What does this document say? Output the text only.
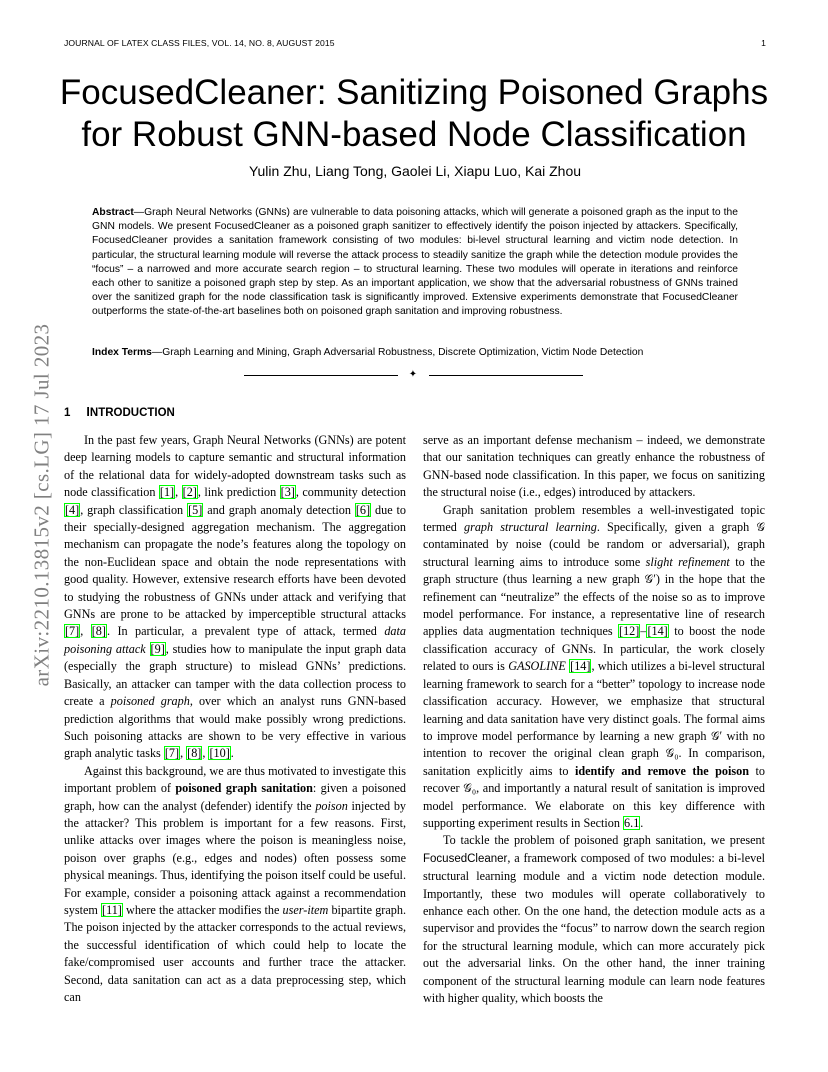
JOURNAL OF LATEX CLASS FILES, VOL. 14, NO. 8, AUGUST 2015	1
arXiv:2210.13815v2 [cs.LG] 17 Jul 2023
FocusedCleaner: Sanitizing Poisoned Graphs for Robust GNN-based Node Classification
Yulin Zhu, Liang Tong, Gaolei Li, Xiapu Luo, Kai Zhou
Abstract—Graph Neural Networks (GNNs) are vulnerable to data poisoning attacks, which will generate a poisoned graph as the input to the GNN models. We present FocusedCleaner as a poisoned graph sanitizer to effectively identify the poison injected by attackers. Specifically, FocusedCleaner provides a sanitation framework consisting of two modules: bi-level structural learning and victim node detection. In particular, the structural learning module will reverse the attack process to steadily sanitize the graph while the detection module provides the “focus” – a narrowed and more accurate search region – to structural learning. These two modules will operate in iterations and reinforce each other to sanitize a poisoned graph step by step. As an important application, we show that the adversarial robustness of GNNs trained over the sanitized graph for the node classification task is significantly improved. Extensive experiments demonstrate that FocusedCleaner outperforms the state-of-the-art baselines both on poisoned graph sanitation and improving robustness.
Index Terms—Graph Learning and Mining, Graph Adversarial Robustness, Discrete Optimization, Victim Node Detection
✦
1 INTRODUCTION

In the past few years, Graph Neural Networks (GNNs) are potent deep learning models to capture semantic and structural information of the relational data for widely-adopted downstream tasks such as node classification [1], [2], link prediction [3], community detection [4], graph classification [5] and graph anomaly detection [6] due to their specially-designed aggregation mechanism. The aggregation mechanism can propagate the node’s features along the topology on the non-Euclidean space and obtain the node representations with good quality. However, extensive research efforts have been devoted to studying the robustness of GNNs under attack and verifying that GNNs are prone to be attacked by imperceptible structural attacks [7], [8]. In particular, a prevalent type of attack, termed data poisoning attack [9], studies how to manipulate the input graph data (especially the graph structure) to mislead GNNs’ predictions. Basically, an attacker can tamper with the data collection process to create a poisoned graph, over which an analyst runs GNN-based prediction algorithms that would make possibly wrong predictions. Such poisoning attacks are shown to be very effective in various graph analytic tasks [7], [8], [10].

Against this background, we are thus motivated to investigate this important problem of poisoned graph sanitation: given a poisoned graph, how can the analyst (defender) identify the poison injected by the attacker? This problem is important for a few reasons. First, unlike attacks over images where the poison is meaningless noise, poison over graphs (e.g., edges and nodes) often possess some physical meanings. Thus, identifying the poison itself could be useful. For example, consider a poisoning attack against a recommendation system [11] where the attacker modifies the user-item bipartite graph. The poison injected by the attacker corresponds to the actual reviews, the successful identification of which could help to locate the fake/compromised user accounts and further trace the attacker. Second, data sanitation can act as a data preprocessing step, which can

serve as an important defense mechanism – indeed, we demonstrate that our sanitation techniques can greatly enhance the robustness of GNN-based node classification. In this paper, we focus on sanitizing the structural noise (i.e., edges) introduced by attackers.

Graph sanitation problem resembles a well-investigated topic termed graph structural learning. Specifically, given a graph 𝒢 contaminated by noise (could be random or adversarial), graph structural learning aims to introduce some slight refinement to the graph structure (thus learning a new graph 𝒢′) in the hope that the refinement can “neutralize” the effects of the noise so as to improve model performance. For instance, a representative line of research applies data augmentation techniques [12]–[14] to boost the node classification accuracy of GNNs. In particular, the work closely related to ours is GASOLINE [14], which utilizes a bi-level structural learning framework to search for a “better” topology to increase node classification accuracy. However, we emphasize that structural learning and data sanitation have very distinct goals. The formal aims to improve model performance by learning a new graph 𝒢′ with no intention to recover the original clean graph 𝒢₀. In comparison, sanitation explicitly aims to identify and remove the poison to recover 𝒢₀, and importantly a natural result of sanitation is improved model performance. We elaborate on this key difference with supporting experiment results in Section 6.1.

To tackle the problem of poisoned graph sanitation, we present FocusedCleaner, a framework composed of two modules: a bi-level structural learning module and a victim node detection module. Importantly, these two modules will operate collaboratively to enhance each other. On the one hand, the detection module acts as a supervisor and provides the “focus” to narrow down the search region for the structural learning module, which can more accurately pick out the adversarial links. On the other hand, the inner training component of the structural learning module can learn node features with higher quality, which boosts the
